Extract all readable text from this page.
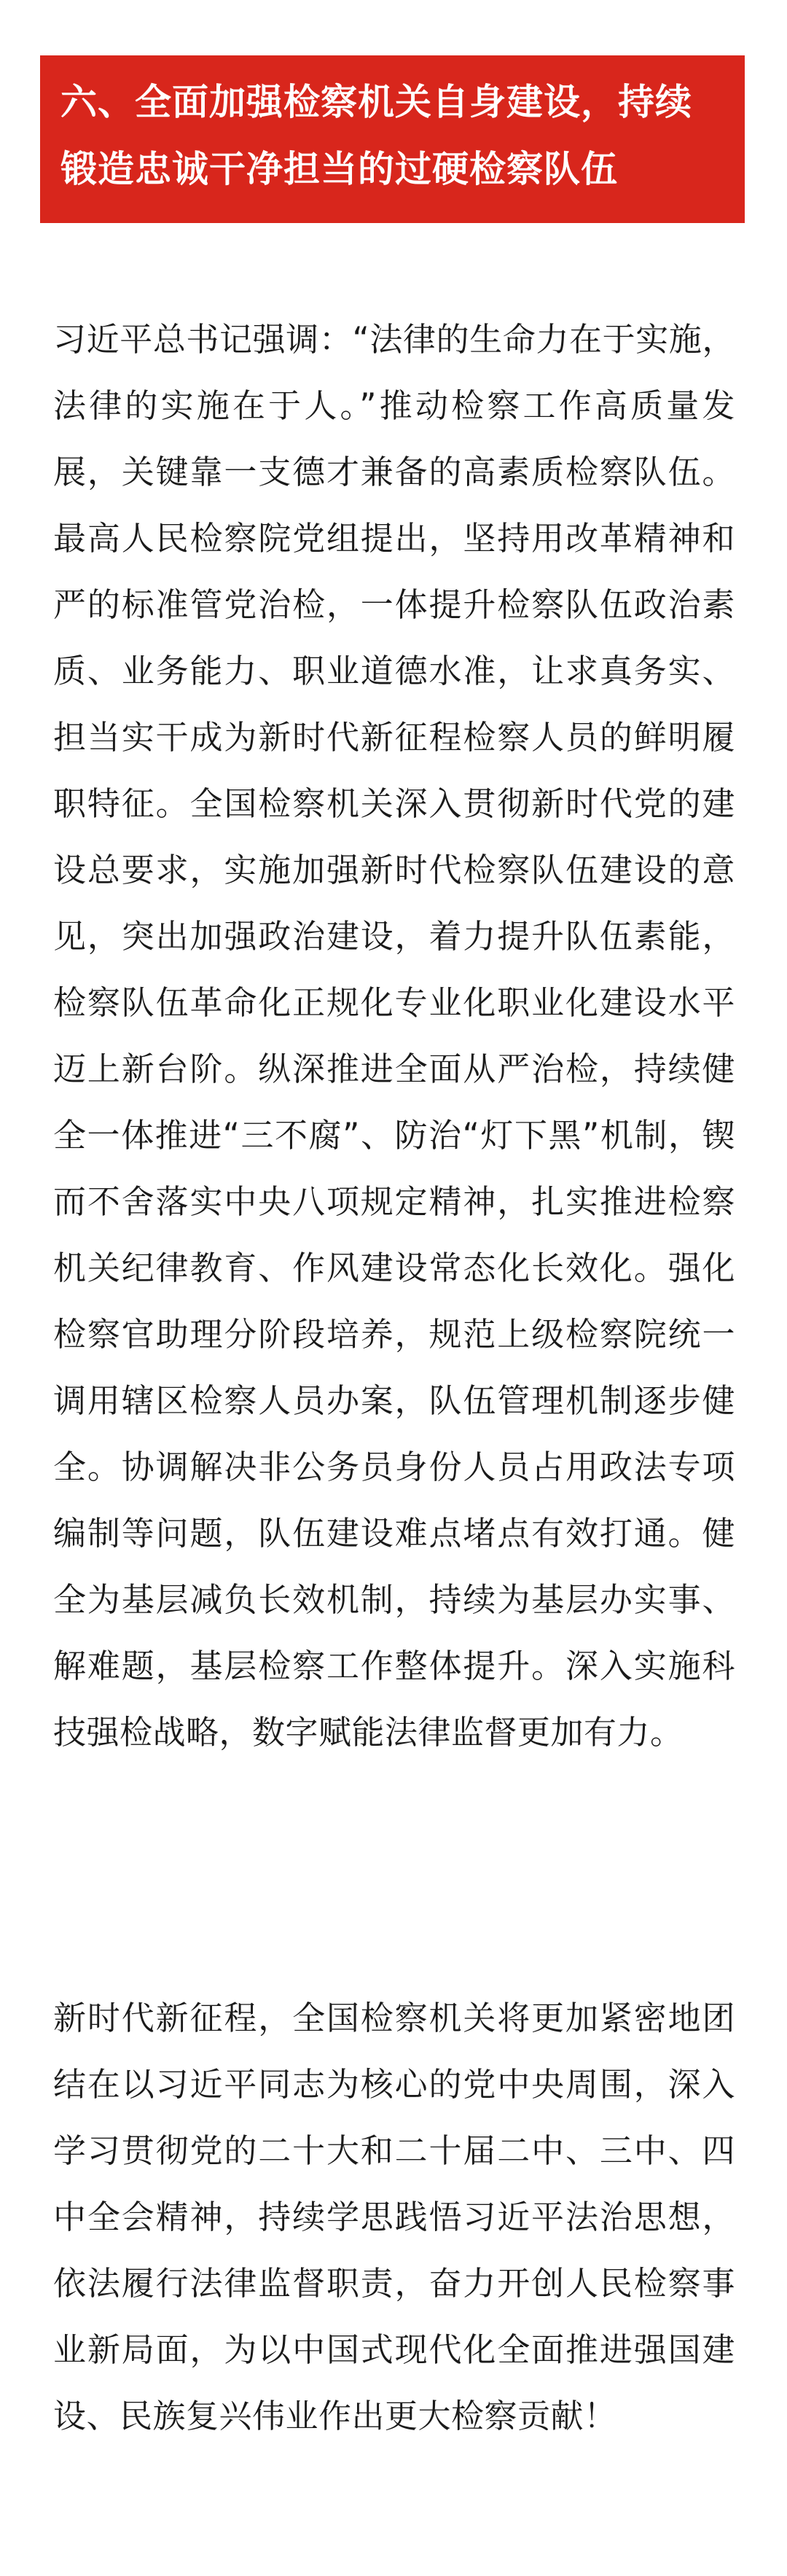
六、全面加强检察机关自身建设，持续锻造忠诚干净担当的过硬检察队伍

习近平总书记强调：“法律的生命力在于实施，法律的实施在于人。”推动检察工作高质量发展，关键靠一支德才兼备的高素质检察队伍。最高人民检察院党组提出，坚持用改革精神和严的标准管党治检，一体提升检察队伍政治素质、业务能力、职业道德水准，让求真务实、担当实干成为新时代新征程检察人员的鲜明履职特征。全国检察机关深入贯彻新时代党的建设总要求，实施加强新时代检察队伍建设的意见，突出加强政治建设，着力提升队伍素能，检察队伍革命化正规化专业化职业化建设水平迈上新台阶。纵深推进全面从严治检，持续健全一体推进“三不腐”、防治“灯下黑”机制，锲而不舍落实中央八项规定精神，扎实推进检察机关纪律教育、作风建设常态化长效化。强化检察官助理分阶段培养，规范上级检察院统一调用辖区检察人员办案，队伍管理机制逐步健全。协调解决非公务员身份人员占用政法专项编制等问题，队伍建设难点堵点有效打通。健全为基层减负长效机制，持续为基层办实事、解难题，基层检察工作整体提升。深入实施科技强检战略，数字赋能法律监督更加有力。

新时代新征程，全国检察机关将更加紧密地团结在以习近平同志为核心的党中央周围，深入学习贯彻党的二十大和二十届二中、三中、四中全会精神，持续学思践悟习近平法治思想，依法履行法律监督职责，奋力开创人民检察事业新局面，为以中国式现代化全面推进强国建设、民族复兴伟业作出更大检察贡献！
